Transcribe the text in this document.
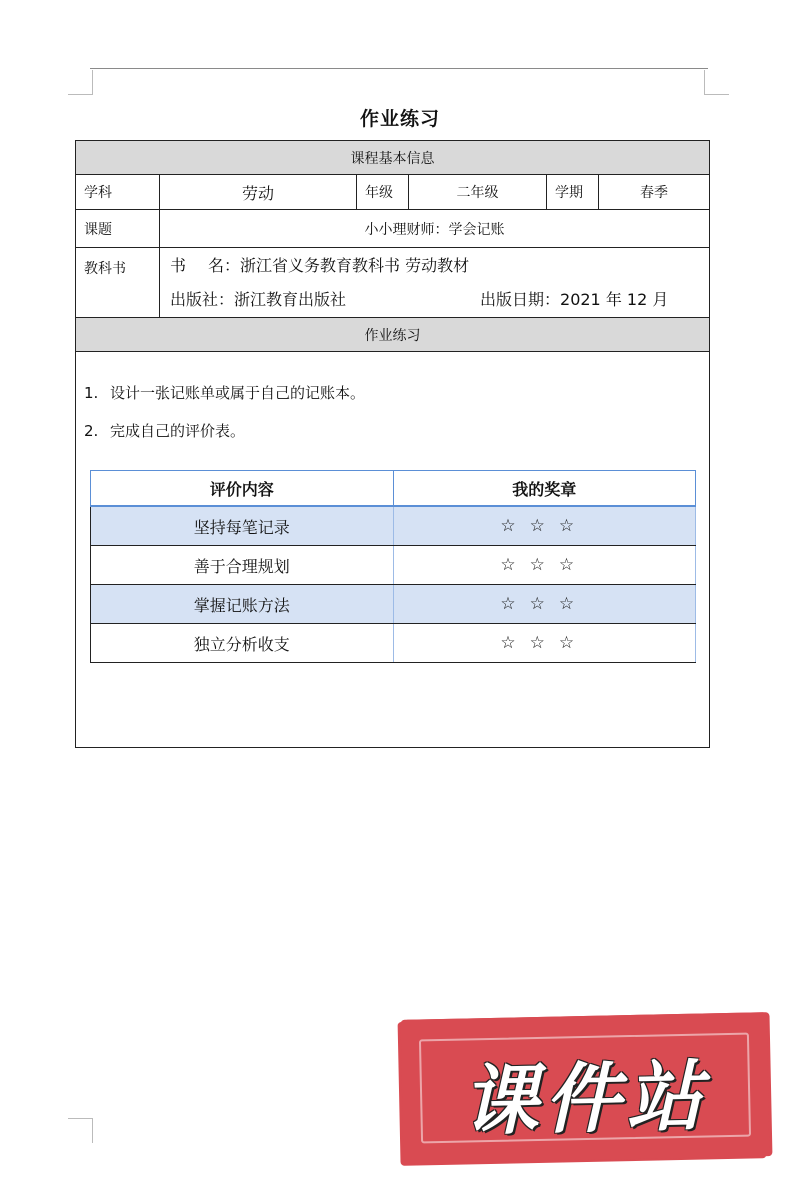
作业练习
课程基本信息
学科	劳动	年级	二年级	学期	春季
课题	小小理财师：学会记账
教科书	书 名：浙江省义务教育教科书 劳动教材
出版社：浙江教育出版社	出版日期：2021 年 12 月

作业练习

1. 设计一张记账单或属于自己的记账本。
2. 完成自己的评价表。
评价内容	我的奖章
坚持每笔记录	☆☆☆
善于合理规划	☆☆☆
掌握记账方法	☆☆☆
独立分析收支	☆☆☆
课件站
